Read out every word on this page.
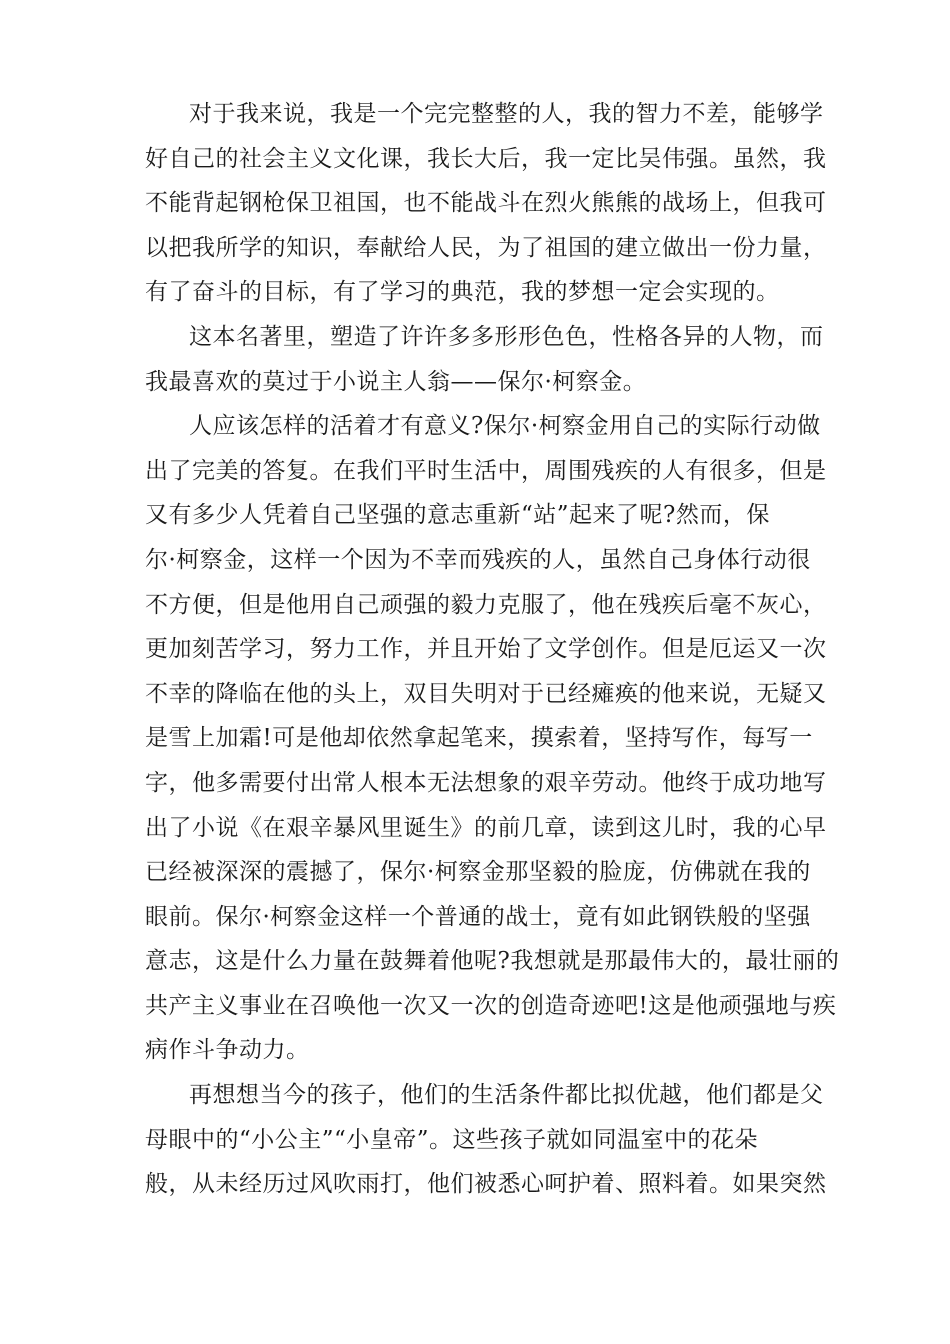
对于我来说，我是一个完完整整的人，我的智力不差，能够学
好自己的社会主义文化课，我长大后，我一定比吴伟强。虽然，我
不能背起钢枪保卫祖国，也不能战斗在烈火熊熊的战场上，但我可
以把我所学的知识，奉献给人民，为了祖国的建立做出一份力量，
有了奋斗的目标，有了学习的典范，我的梦想一定会实现的。
这本名著里，塑造了许许多多形形色色，性格各异的人物，而
我最喜欢的莫过于小说主人翁——保尔·柯察金。
人应该怎样的活着才有意义?保尔·柯察金用自己的实际行动做
出了完美的答复。在我们平时生活中，周围残疾的人有很多，但是
又有多少人凭着自己坚强的意志重新“站”起来了呢?然而，保
尔·柯察金，这样一个因为不幸而残疾的人，虽然自己身体行动很
不方便，但是他用自己顽强的毅力克服了，他在残疾后毫不灰心，
更加刻苦学习，努力工作，并且开始了文学创作。但是厄运又一次
不幸的降临在他的头上，双目失明对于已经瘫痪的他来说，无疑又
是雪上加霜!可是他却依然拿起笔来，摸索着，坚持写作，每写一
字，他多需要付出常人根本无法想象的艰辛劳动。他终于成功地写
出了小说《在艰辛暴风里诞生》的前几章，读到这儿时，我的心早
已经被深深的震撼了，保尔·柯察金那坚毅的脸庞，仿佛就在我的
眼前。保尔·柯察金这样一个普通的战士，竟有如此钢铁般的坚强
意志，这是什么力量在鼓舞着他呢?我想就是那最伟大的，最壮丽的
共产主义事业在召唤他一次又一次的创造奇迹吧!这是他顽强地与疾
病作斗争动力。
再想想当今的孩子，他们的生活条件都比拟优越，他们都是父
母眼中的“小公主”“小皇帝”。这些孩子就如同温室中的花朵
般，从未经历过风吹雨打，他们被悉心呵护着、照料着。如果突然
